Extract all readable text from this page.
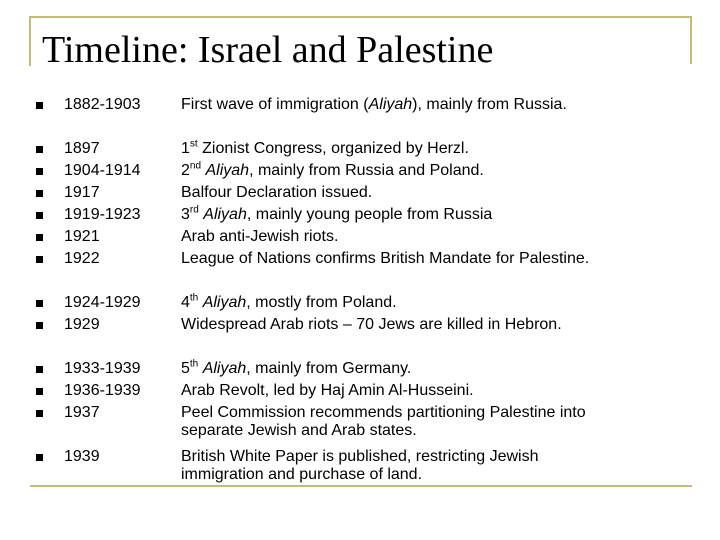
Timeline: Israel and Palestine
1882-1903	First wave of immigration (Aliyah), mainly from Russia.
1897	1st Zionist Congress, organized by Herzl.
1904-1914	2nd Aliyah, mainly from Russia and Poland.
1917	Balfour Declaration issued.
1919-1923	3rd Aliyah, mainly young people from Russia
1921	Arab anti-Jewish riots.
1922	League of Nations confirms British Mandate for Palestine.
1924-1929	4th Aliyah, mostly from Poland.
1929	Widespread Arab riots – 70 Jews are killed in Hebron.
1933-1939	5th Aliyah, mainly from Germany.
1936-1939	Arab Revolt, led by Haj Amin Al-Husseini.
1937	Peel Commission recommends partitioning Palestine into separate Jewish and Arab states.
1939	British White Paper is published, restricting Jewish immigration and purchase of land.
